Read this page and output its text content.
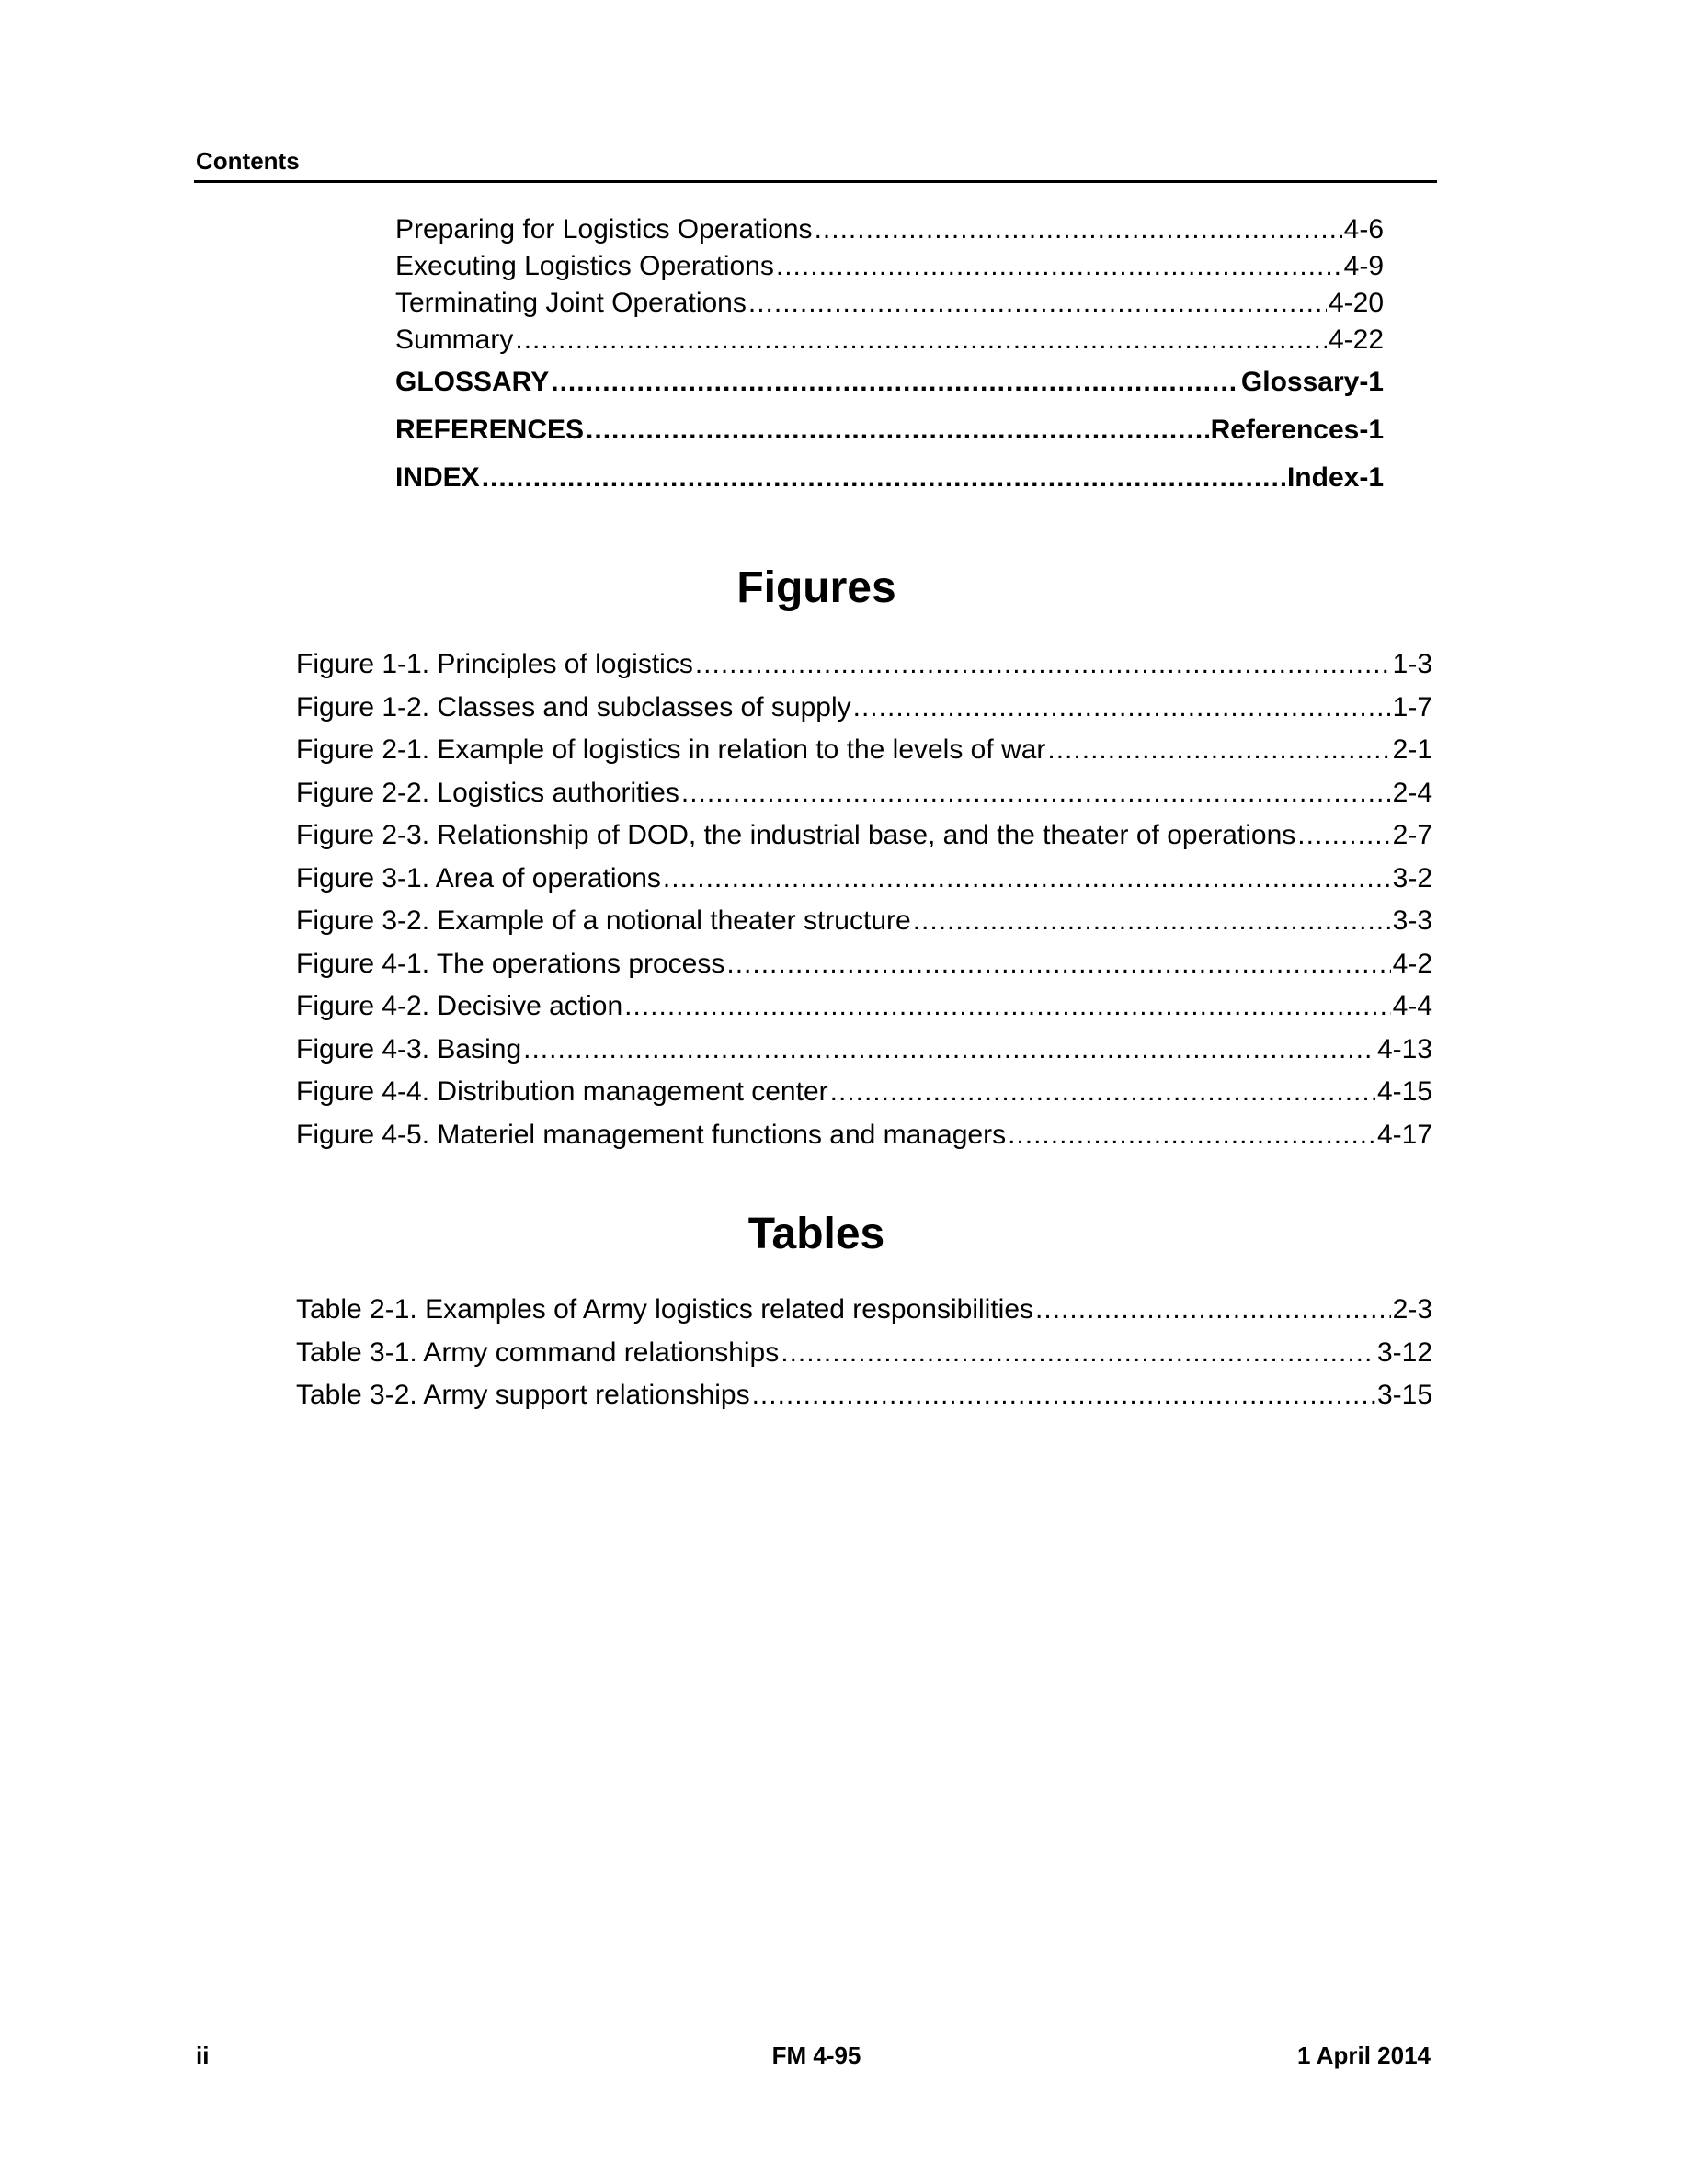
Contents
Preparing for Logistics Operations .....	4-6
Executing Logistics Operations .....	4-9
Terminating Joint Operations .....	4-20
Summary .....	4-22
GLOSSARY .....	Glossary-1
REFERENCES .....	References-1
INDEX .....	Index-1
Figures
Figure 1-1. Principles of logistics .....	1-3
Figure 1-2. Classes and subclasses of supply .....	1-7
Figure 2-1. Example of logistics in relation to the levels of war .....	2-1
Figure 2-2. Logistics authorities .....	2-4
Figure 2-3. Relationship of DOD, the industrial base, and the theater of operations .....	2-7
Figure 3-1. Area of operations .....	3-2
Figure 3-2. Example of a notional theater structure .....	3-3
Figure 4-1. The operations process .....	4-2
Figure 4-2. Decisive action .....	4-4
Figure 4-3. Basing .....	4-13
Figure 4-4. Distribution management center .....	4-15
Figure 4-5. Materiel management functions and managers .....	4-17
Tables
Table 2-1. Examples of Army logistics related responsibilities .....	2-3
Table 3-1. Army command relationships .....	3-12
Table 3-2. Army support relationships .....	3-15
ii	FM 4-95	1 April 2014
